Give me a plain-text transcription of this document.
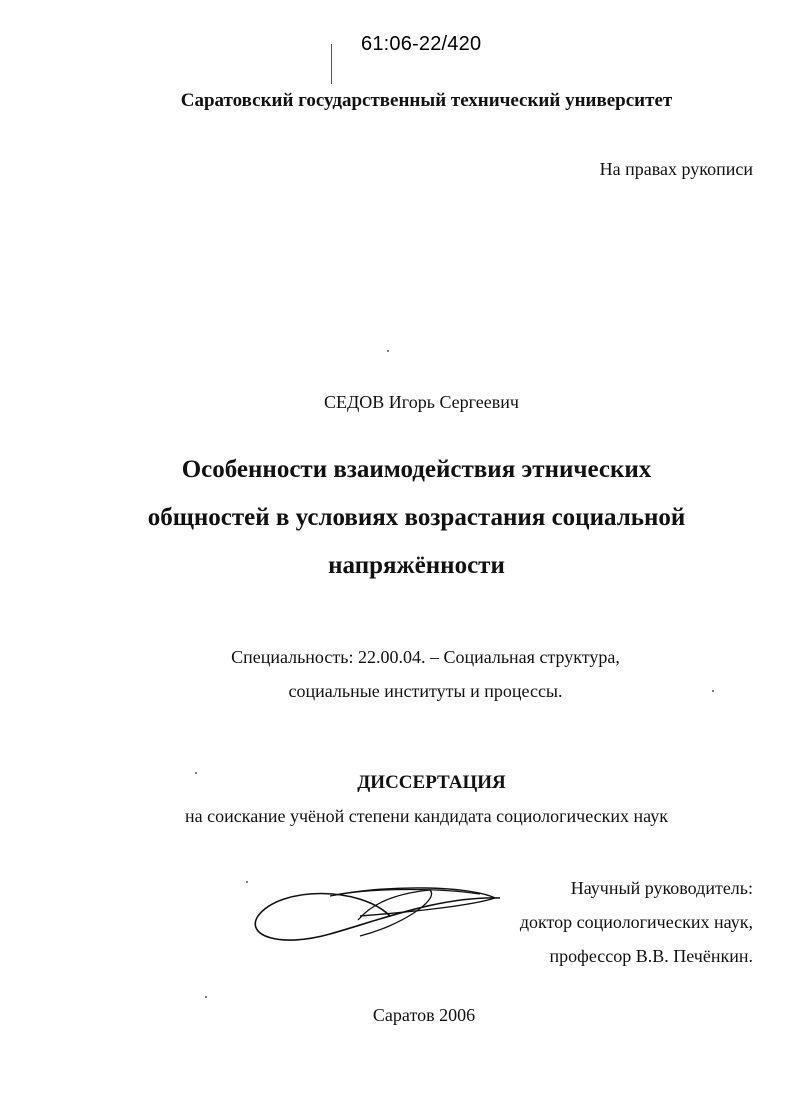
61:06-22/420
Саратовский государственный технический университет
На правах рукописи
СЕДОВ Игорь Сергеевич
Особенности взаимодействия этнических
общностей в условиях возрастания социальной
напряжённости
Специальность: 22.00.04. – Социальная структура,
социальные институты и процессы.
ДИССЕРТАЦИЯ
на соискание учёной степени кандидата социологических наук
Научный руководитель:
доктор социологических наук,
профессор В.В. Печёнкин.
Саратов 2006
